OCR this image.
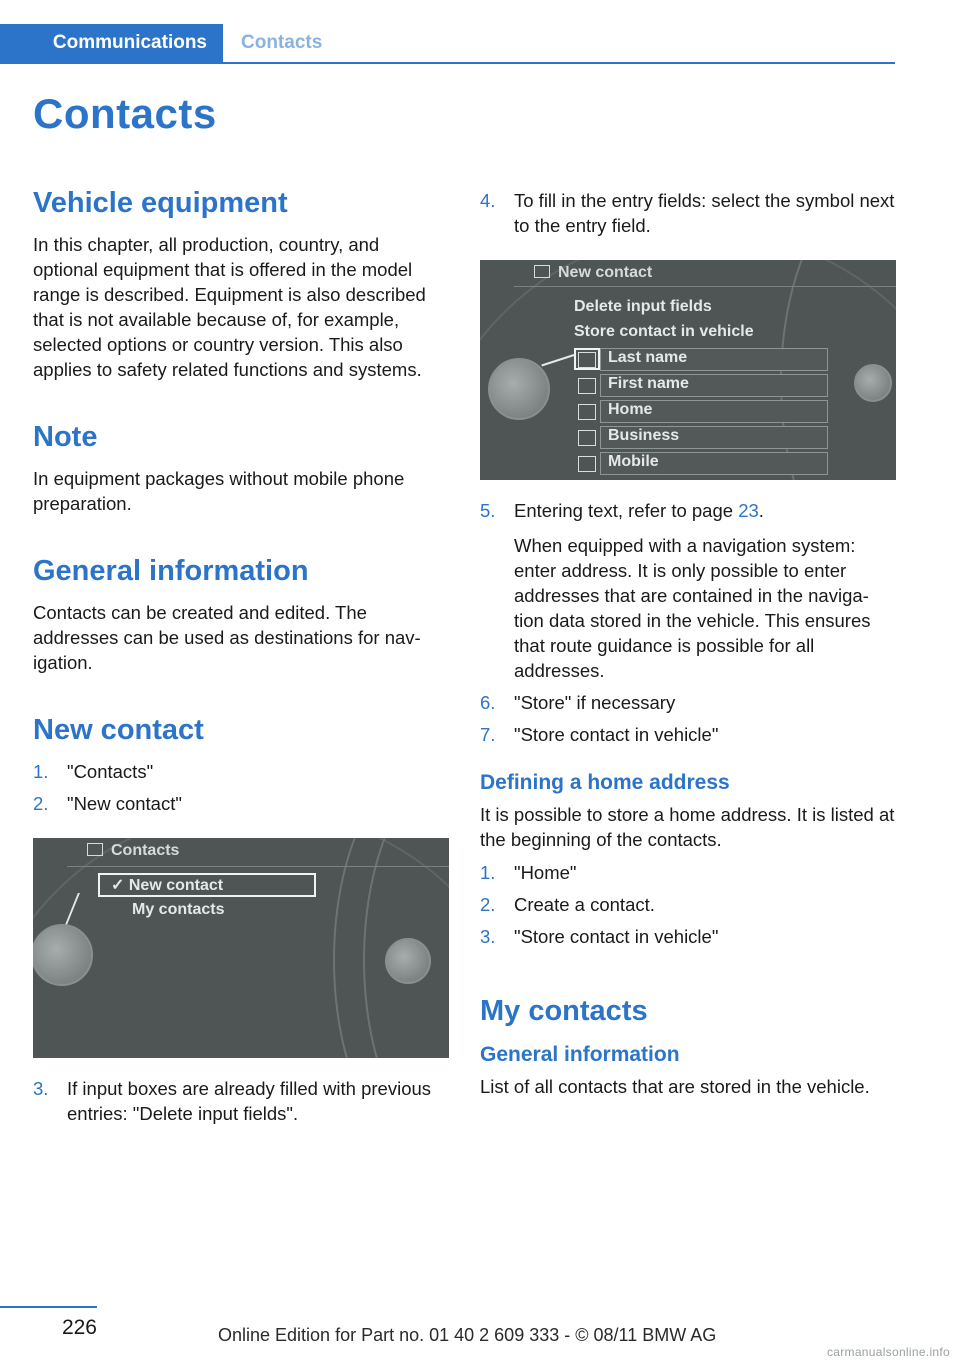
Communications	Contacts
Contacts
Vehicle equipment

In this chapter, all production, country, and optional equipment that is offered in the model range is described. Equipment is also described that is not available because of, for example, selected options or country version. This also applies to safety related functions and systems.

Note

In equipment packages without mobile phone preparation.

General information

Contacts can be created and edited. The addresses can be used as destinations for nav-igation.

New contact
1.	"Contacts"
2.	"New contact"
Contacts
✓ New contact
My contacts
3.	If input boxes are already filled with previous entries: "Delete input fields".
4.	To fill in the entry fields: select the symbol next to the entry field.
New contact
Delete input fields
Store contact in vehicle
Last name
First name
Home
Business
Mobile
5.	Entering text, refer to page 23.
When equipped with a navigation system: enter address. It is only possible to enter addresses that are contained in the naviga-tion data stored in the vehicle. This ensures that route guidance is possible for all addresses.
6.	"Store" if necessary
7.	"Store contact in vehicle"
Defining a home address

It is possible to store a home address. It is listed at the beginning of the contacts.

1.	"Home"
2.	Create a contact.
3.	"Store contact in vehicle"
My contacts
General information

List of all contacts that are stored in the vehicle.

226	Online Edition for Part no. 01 40 2 609 333 - © 08/11 BMW AG
carmanualsonline.info
